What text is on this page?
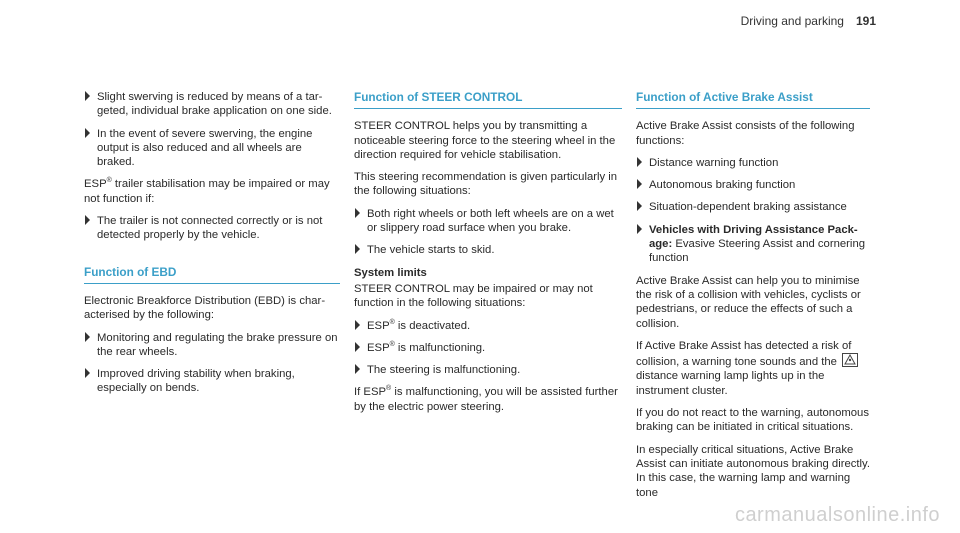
Driving and parking 191
Slight swerving is reduced by means of a targeted, individual brake application on one side.
In the event of severe swerving, the engine output is also reduced and all wheels are braked.

ESP® trailer stabilisation may be impaired or may not function if:

The trailer is not connected correctly or is not detected properly by the vehicle.
Function of EBD

Electronic Breakforce Distribution (EBD) is characterised by the following:

Monitoring and regulating the brake pressure on the rear wheels.
Improved driving stability when braking, especially on bends.
Function of STEER CONTROL

STEER CONTROL helps you by transmitting a noticeable steering force to the steering wheel in the direction required for vehicle stabilisation.

This steering recommendation is given particularly in the following situations:

Both right wheels or both left wheels are on a wet or slippery road surface when you brake.
The vehicle starts to skid.
System limits

STEER CONTROL may be impaired or may not function in the following situations:

ESP® is deactivated.
ESP® is malfunctioning.
The steering is malfunctioning.

If ESP® is malfunctioning, you will be assisted further by the electric power steering.

Function of Active Brake Assist

Active Brake Assist consists of the following functions:

Distance warning function
Autonomous braking function
Situation-dependent braking assistance
Vehicles with Driving Assistance Package: Evasive Steering Assist and cornering function

Active Brake Assist can help you to minimise the risk of a collision with vehicles, cyclists or pedestrians, or reduce the effects of such a collision.

If Active Brake Assist has detected a risk of collision, a warning tone sounds and the
distance warning lamp lights up in the instrument cluster.

If you do not react to the warning, autonomous braking can be initiated in critical situations.

In especially critical situations, Active Brake Assist can initiate autonomous braking directly. In this case, the warning lamp and warning tone

carmanualsonline.info
